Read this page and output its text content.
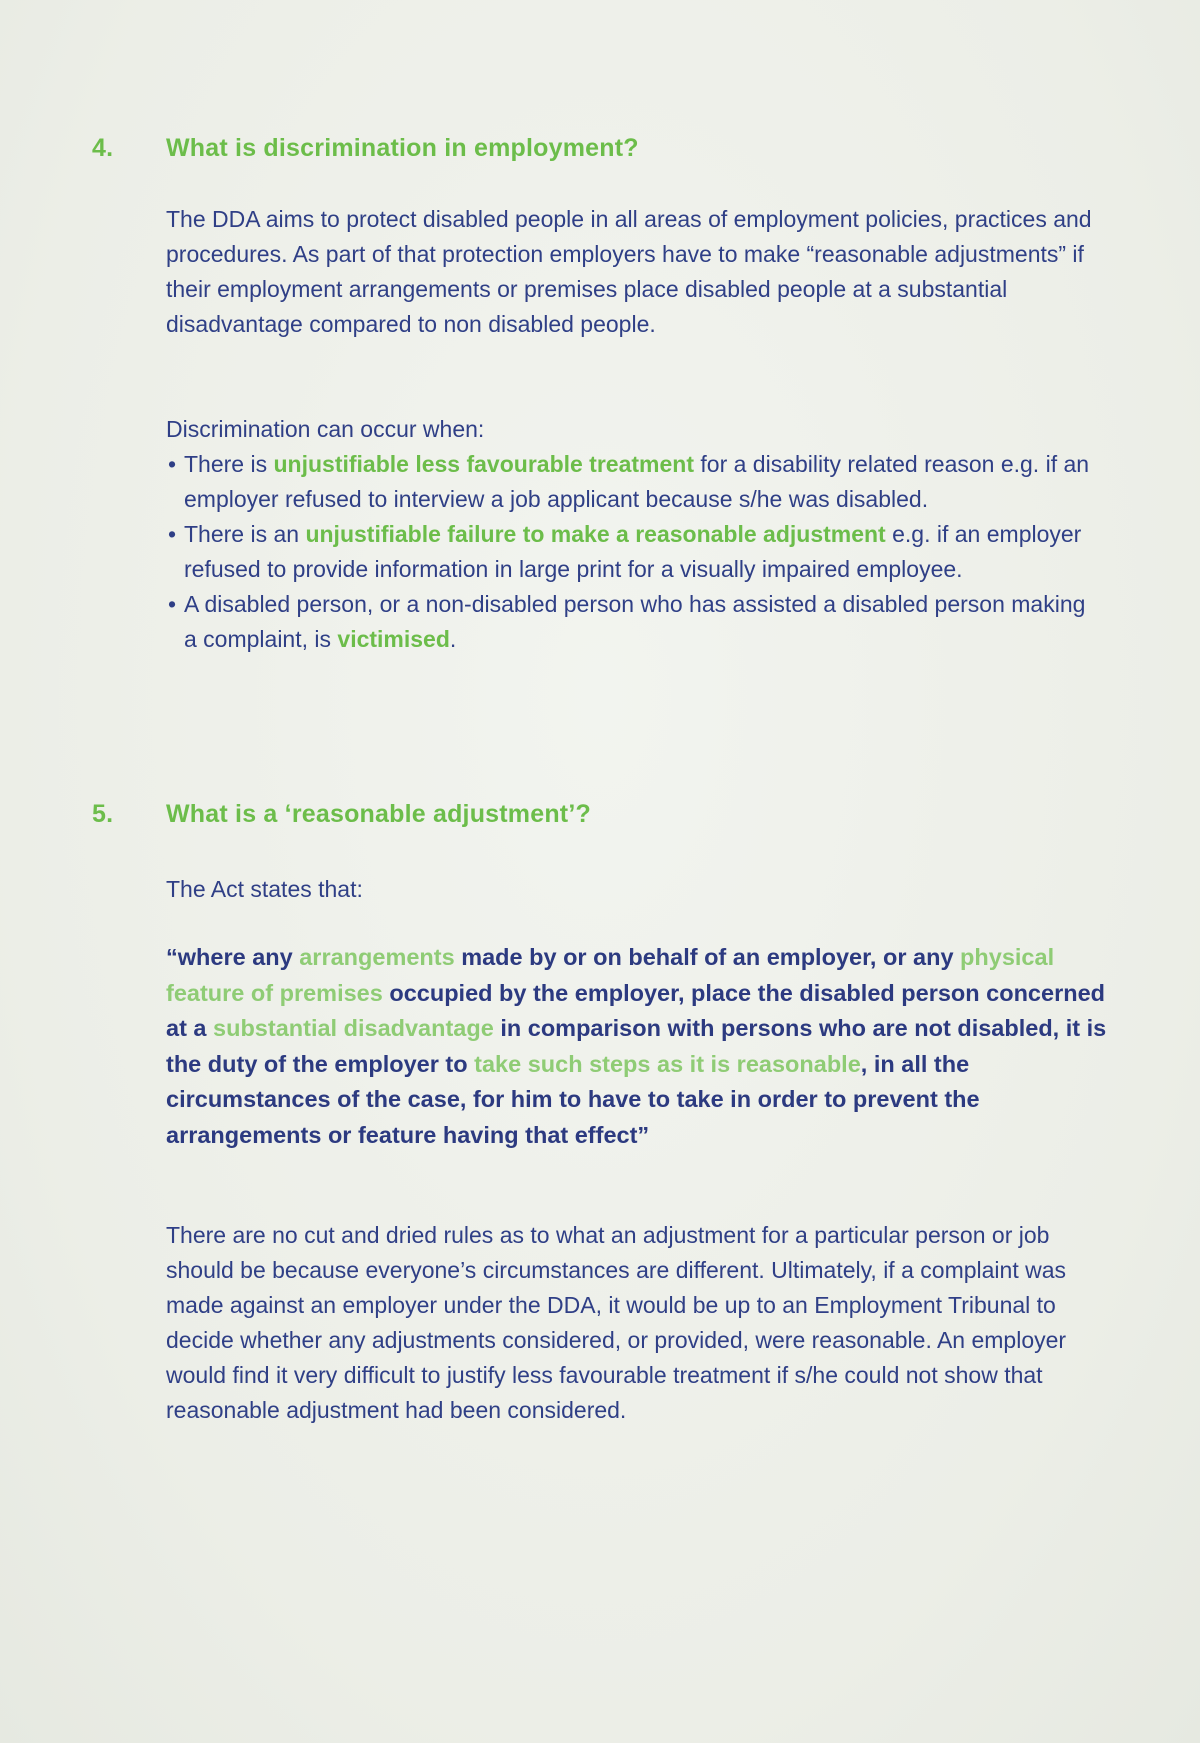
4.	What is discrimination in employment?

The DDA aims to protect disabled people in all areas of employment policies, practices and procedures. As part of that protection employers have to make “reasonable adjustments” if their employment arrangements or premises place disabled people at a substantial disadvantage compared to non disabled people.

Discrimination can occur when:

• There is unjustifiable less favourable treatment for a disability related reason e.g. if an employer refused to interview a job applicant because s/he was disabled.
• There is an unjustifiable failure to make a reasonable adjustment e.g. if an employer refused to provide information in large print for a visually impaired employee.
• A disabled person, or a non-disabled person who has assisted a disabled person making a complaint, is victimised.
5.	What is a ‘reasonable adjustment’?

The Act states that:

“where any arrangements made by or on behalf of an employer, or any physical feature of premises occupied by the employer, place the disabled person concerned at a substantial disadvantage in comparison with persons who are not disabled, it is the duty of the employer to take such steps as it is reasonable, in all the circumstances of the case, for him to have to take in order to prevent the arrangements or feature having that effect”

There are no cut and dried rules as to what an adjustment for a particular person or job should be because everyone’s circumstances are different. Ultimately, if a complaint was made against an employer under the DDA, it would be up to an Employment Tribunal to decide whether any adjustments considered, or provided, were reasonable. An employer would find it very difficult to justify less favourable treatment if s/he could not show that reasonable adjustment had been considered.
